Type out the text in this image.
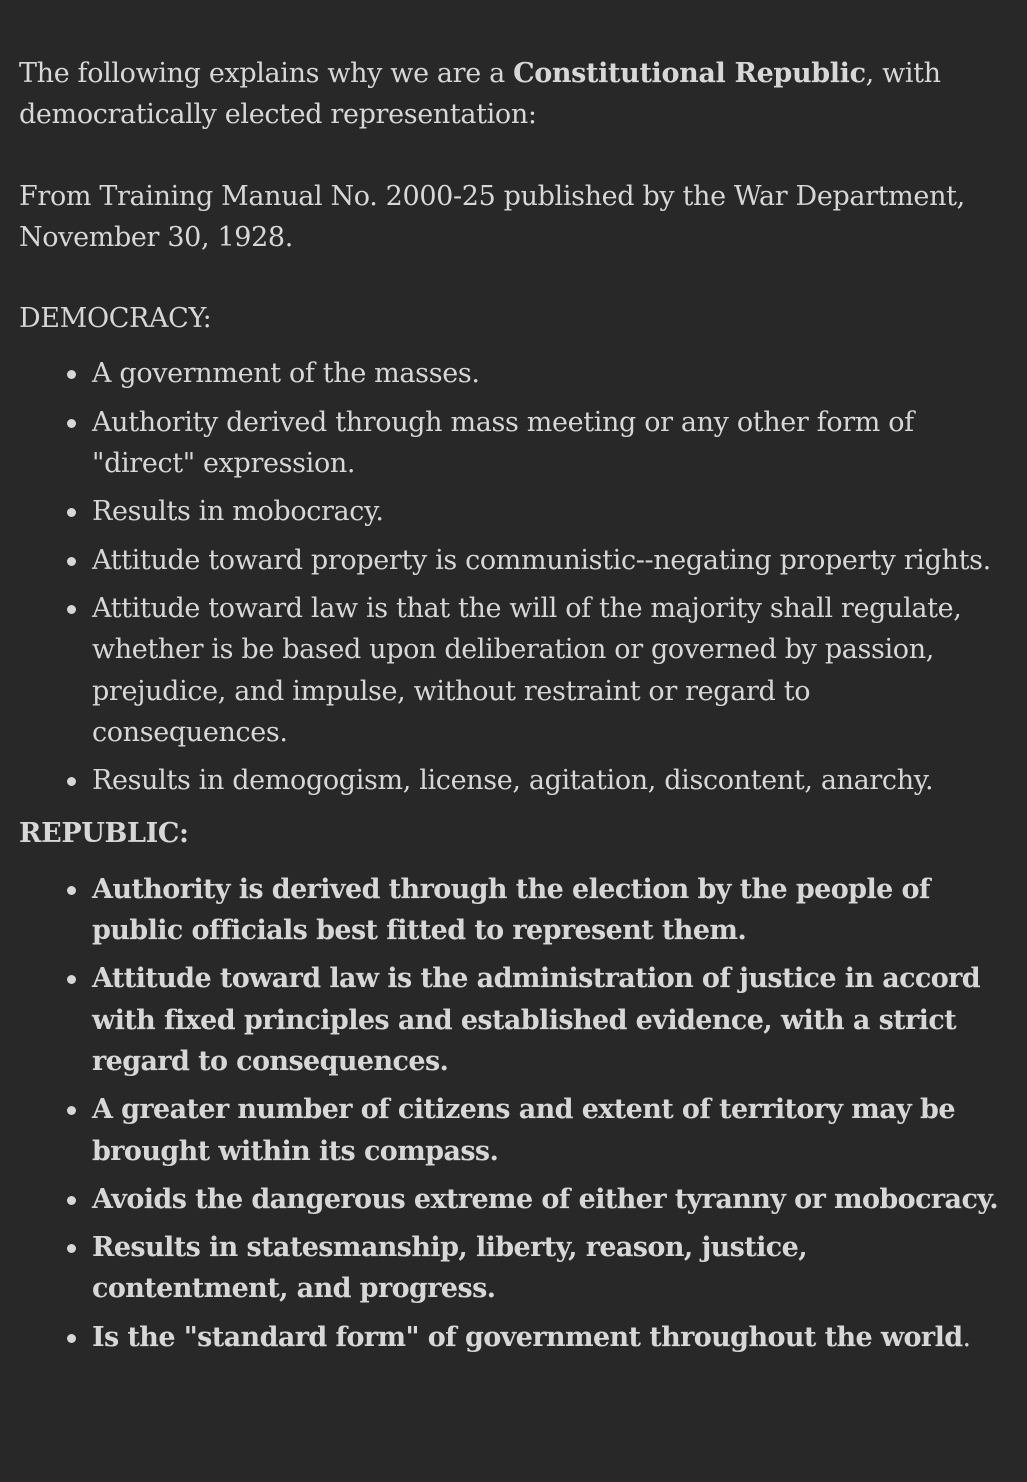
The following explains why we are a Constitutional Republic, with democratically elected representation:

From Training Manual No. 2000-25 published by the War Department, November 30, 1928.

DEMOCRACY:
A government of the masses.
Authority derived through mass meeting or any other form of "direct" expression.
Results in mobocracy.
Attitude toward property is communistic--negating property rights.
Attitude toward law is that the will of the majority shall regulate, whether is be based upon deliberation or governed by passion, prejudice, and impulse, without restraint or regard to consequences.
Results in demogogism, license, agitation, discontent, anarchy.
REPUBLIC:
Authority is derived through the election by the people of public officials best fitted to represent them.
Attitude toward law is the administration of justice in accord with fixed principles and established evidence, with a strict regard to consequences.
A greater number of citizens and extent of territory may be brought within its compass.
Avoids the dangerous extreme of either tyranny or mobocracy.
Results in statesmanship, liberty, reason, justice, contentment, and progress.
Is the "standard form" of government throughout the world.
